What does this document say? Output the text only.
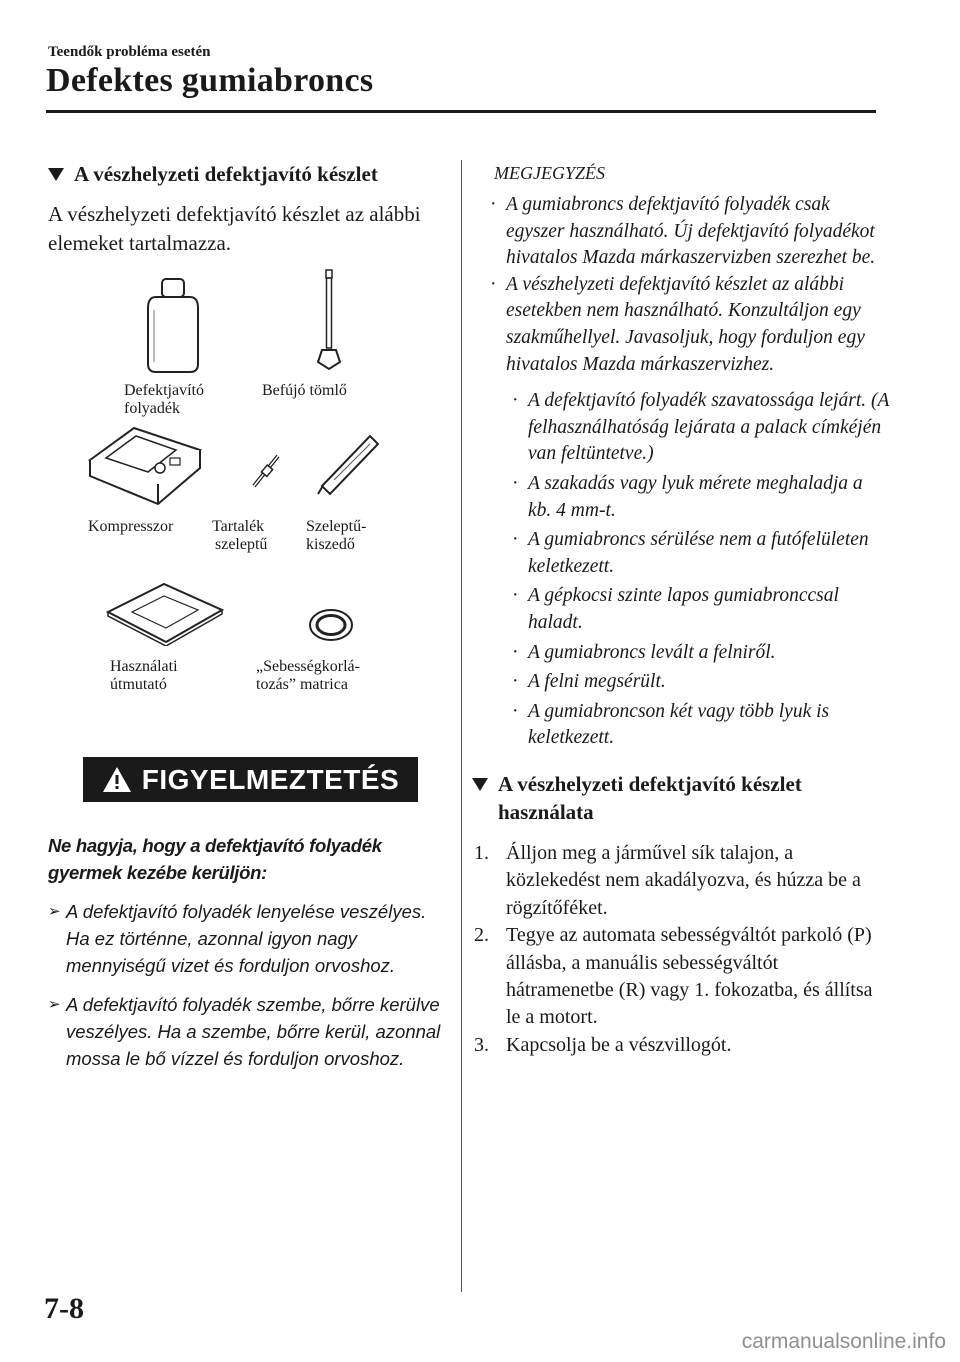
Teendők probléma esetén
Defektes gumiabroncs
A vészhelyzeti defektjavító készlet
A vészhelyzeti defektjavító készlet az alábbi elemeket tartalmazza.
Defektjavító
folyadék
Befújó tömlő
Kompresszor Tartalék
szeleptű
Szeleptű-
kiszedő
Használati
útmutató
„Sebességkorlá-
tozás” matrica
FIGYELMEZTETÉS
Ne hagyja, hogy a defektjavító folyadék gyermek kezébe kerüljön:
➢ A defektjavító folyadék lenyelése veszélyes. Ha ez történne, azonnal igyon nagy mennyiségű vizet és forduljon orvoshoz.
➢ A defektjavító folyadék szembe, bőrre kerülve veszélyes. Ha a szembe, bőrre kerül, azonnal mossa le bő vízzel és forduljon orvoshoz.
MEGJEGYZÉS
· A gumiabroncs defektjavító folyadék csak egyszer használható. Új defektjavító folyadékot hivatalos Mazda márkaszervizben szerezhet be.
· A vészhelyzeti defektjavító készlet az alábbi esetekben nem használható. Konzultáljon egy szakműhellyel. Javasoljuk, hogy forduljon egy hivatalos Mazda márkaszervizhez.
· A defektjavító folyadék szavatossága lejárt. (A felhasználhatóság lejárata a palack címkéjén van feltüntetve.)
· A szakadás vagy lyuk mérete meghaladja a kb. 4 mm-t.
· A gumiabroncs sérülése nem a futófelületen keletkezett.
· A gépkocsi szinte lapos gumiabronccsal haladt.
· A gumiabroncs levált a felniről.
· A felni megsérült.
· A gumiabroncson két vagy több lyuk is keletkezett.
A vészhelyzeti defektjavító készlet használata
1. Álljon meg a járművel sík talajon, a közlekedést nem akadályozva, és húzza be a rögzítőféket.
2. Tegye az automata sebességváltót parkoló (P) állásba, a manuális sebességváltót hátramenetbe (R) vagy 1. fokozatba, és állítsa le a motort.
3. Kapcsolja be a vészvillogót.
7-8
carmanualsonline.info
